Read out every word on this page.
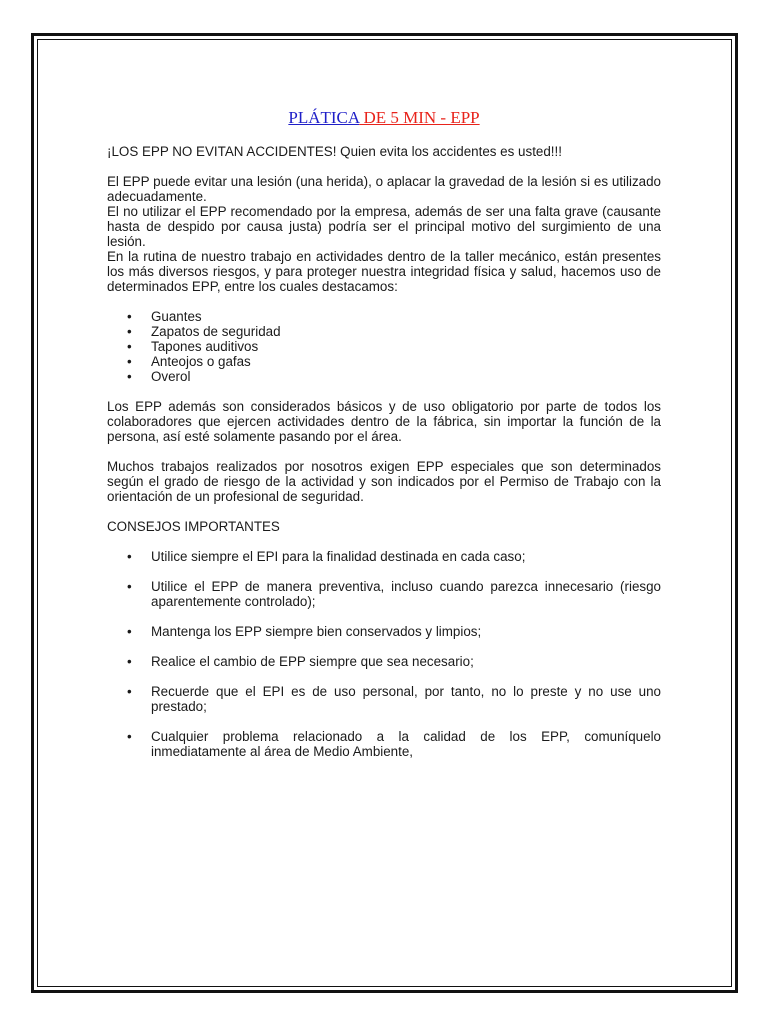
PLÁTICA DE 5 MIN - EPP

¡LOS EPP NO EVITAN ACCIDENTES! Quien evita los accidentes es usted!!!

El EPP puede evitar una lesión (una herida), o aplacar la gravedad de la lesión si es utilizado adecuadamente.

El no utilizar el EPP recomendado por la empresa, además de ser una falta grave (causante hasta de despido por causa justa) podría ser el principal motivo del surgimiento de una lesión.

En la rutina de nuestro trabajo en actividades dentro de la taller mecánico, están presentes los más diversos riesgos, y para proteger nuestra integridad física y salud, hacemos uso de determinados EPP, entre los cuales destacamos:

• Guantes
• Zapatos de seguridad
• Tapones auditivos
• Anteojos o gafas
• Overol

Los EPP además son considerados básicos y de uso obligatorio por parte de todos los colaboradores que ejercen actividades dentro de la fábrica, sin importar la función de la persona, así esté solamente pasando por el área.

Muchos trabajos realizados por nosotros exigen EPP especiales que son determinados según el grado de riesgo de la actividad y son indicados por el Permiso de Trabajo con la orientación de un profesional de seguridad.

CONSEJOS IMPORTANTES

• Utilice siempre el EPI para la finalidad destinada en cada caso;
• Utilice el EPP de manera preventiva, incluso cuando parezca innecesario (riesgo aparentemente controlado);
• Mantenga los EPP siempre bien conservados y limpios;
• Realice el cambio de EPP siempre que sea necesario;
• Recuerde que el EPI es de uso personal, por tanto, no lo preste y no use uno prestado;
• Cualquier problema relacionado a la calidad de los EPP, comuníquelo inmediatamente al área de Medio Ambiente,
